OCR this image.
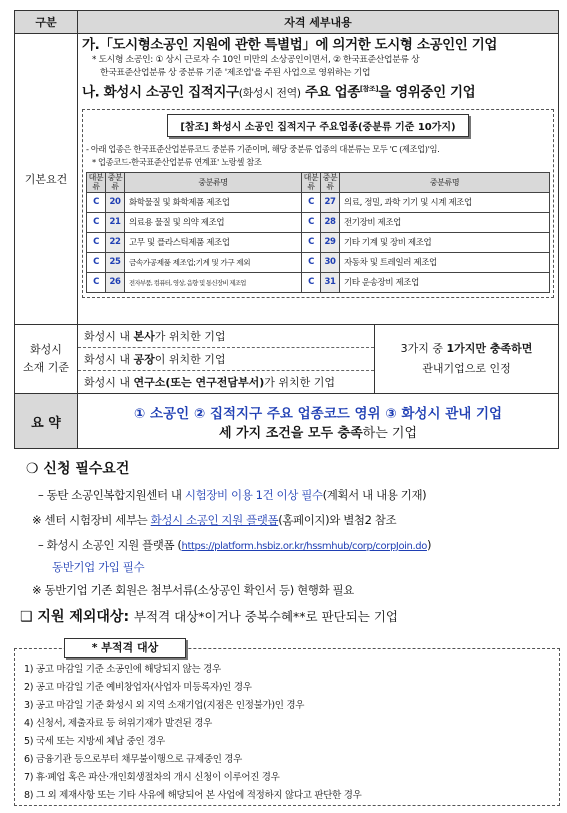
구분	자격 세부내용
기본요건	
가.「도시형소공인 지원에 관한 특별법」에 의거한 도시형 소공인인 기업
* 도시형 소공인: ① 상시 근로자 수 10인 미만의 소상공인이면서, ② 한국표준산업분류 상
한국표준산업분류 상 중분류 기준 '제조업'을 주된 사업으로 영위하는 기업
나. 화성시 소공인 집적지구(화성시 전역) 주요 업종[참조]을 영위중인 기업
[참조] 화성시 소공인 집적지구 주요업종(중분류 기준 10가지)
- 아래 업종은 한국표준산업분류코드 중분류 기준이며, 해당 중분류 업종의 대분류는 모두 'C (제조업)'임.
* 업종코드-한국표준산업분류 연계표' 노랑셀 참조
대분류	중분류	중분류명	대분류	중분류	중분류명
C	20	화학물질 및 화학제품 제조업	C	27	의료, 정밀, 과학 기기 및 시계 제조업
C	21	의료용 물질 및 의약 제조업	C	28	전기장비 제조업
C	22	고무 및 플라스틱제품 제조업	C	29	기타 기계 및 장비 제조업
C	25	금속가공제품 제조업;기계 및 가구 제외	C	30	자동차 및 트레일러 제조업
C	26	전자부품, 컴퓨터, 영상, 음향 및 통신장비 제조업	C	31	기타 운송장비 제조업

화성시
소재 기준
	화성시 내 본사가 위치한 기업	
3가지 중 1가지만 충족하면
관내기업으로 인정

화성시 내 공장이 위치한 기업
화성시 내 연구소(또는 연구전담부서)가 위치한 기업
요 약	
① 소공인 ② 집적지구 주요 업종코드 영위 ③ 화성시 관내 기업
세 가지 조건을 모두 충족하는 기업
❍ 신청 필수요건
– 동탄 소공인복합지원센터 내 시험장비 이용 1건 이상 필수(계획서 내 내용 기재)
※ 센터 시험장비 세부는 화성시 소공인 지원 플랫폼(홈페이지)와 별첨2 참조
– 화성시 소공인 지원 플랫폼 (https://platform.hsbiz.or.kr/hssmhub/corp/corpJoin.do)
동반기업 가입 필수
※ 동반기업 기존 회원은 첨부서류(소상공인 확인서 등) 현행화 필요
❑ 지원 제외대상: 부적격 대상*이거나 중복수혜**로 판단되는 기업
* 부적격 대상
1) 공고 마감일 기준 소공인에 해당되지 않는 경우
2) 공고 마감일 기준 예비창업자(사업자 미등록자)인 경우
3) 공고 마감일 기준 화성시 외 지역 소재기업(지점은 인정불가)인 경우
4) 신청서, 제출자료 등 허위기재가 발견된 경우
5) 국세 또는 지방세 체납 중인 경우
6) 금융기관 등으로부터 채무불이행으로 규제중인 경우
7) 휴·폐업 혹은 파산·개인회생절차의 개시 신청이 이루어진 경우
8) 그 외 제재사항 또는 기타 사유에 해당되어 본 사업에 적정하지 않다고 판단한 경우
